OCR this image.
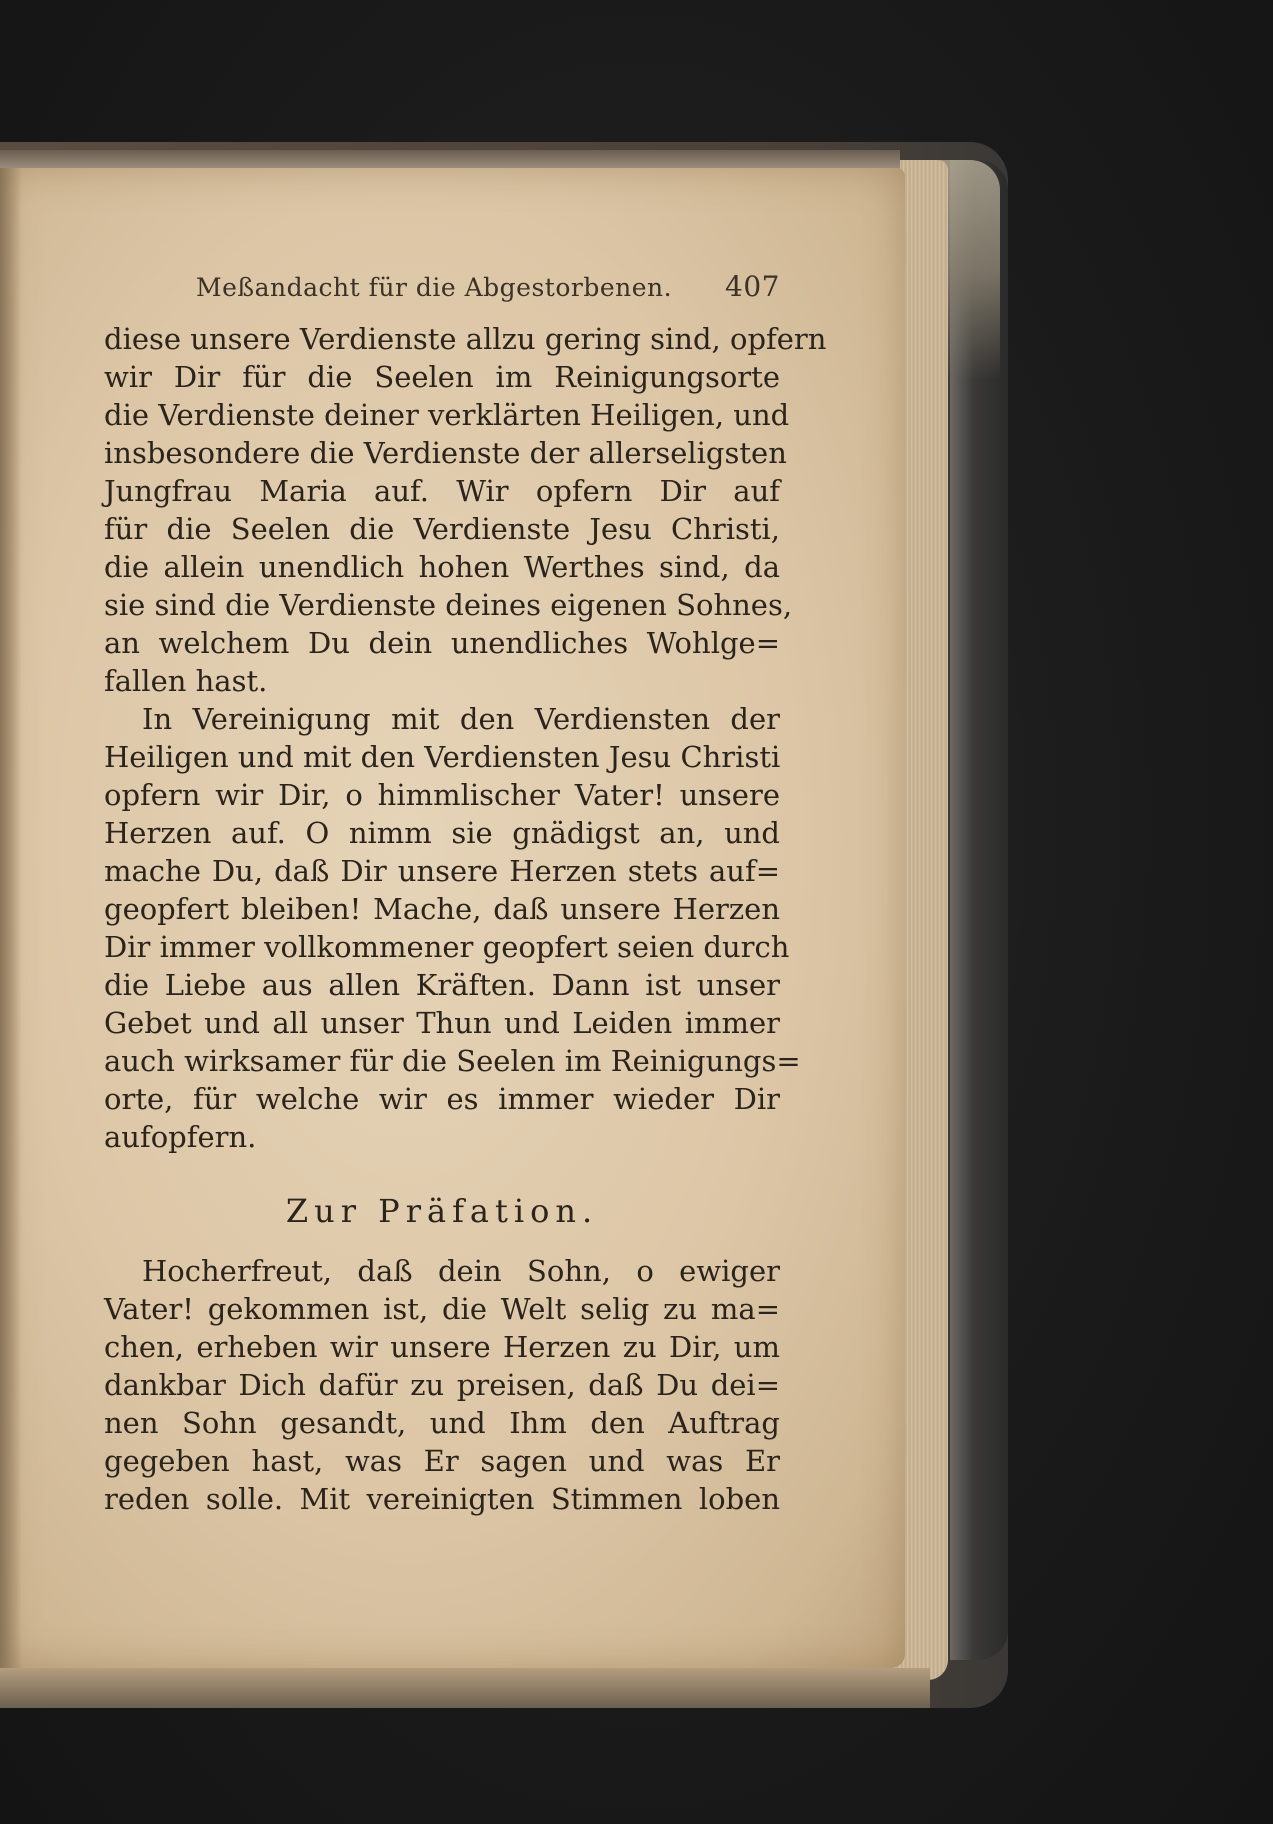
Meßandacht für die Abgestorbenen. 407
diese unsere Verdienste allzu gering sind, opfern
wir Dir für die Seelen im Reinigungsorte
die Verdienste deiner verklärten Heiligen, und
insbesondere die Verdienste der allerseligsten
Jungfrau Maria auf. Wir opfern Dir auf
für die Seelen die Verdienste Jesu Christi,
die allein unendlich hohen Werthes sind, da
sie sind die Verdienste deines eigenen Sohnes,
an welchem Du dein unendliches Wohlge=
fallen hast.
In Vereinigung mit den Verdiensten der
Heiligen und mit den Verdiensten Jesu Christi
opfern wir Dir, o himmlischer Vater! unsere
Herzen auf. O nimm sie gnädigst an, und
mache Du, daß Dir unsere Herzen stets auf=
geopfert bleiben! Mache, daß unsere Herzen
Dir immer vollkommener geopfert seien durch
die Liebe aus allen Kräften. Dann ist unser
Gebet und all unser Thun und Leiden immer
auch wirksamer für die Seelen im Reinigungs=
orte, für welche wir es immer wieder Dir
aufopfern.
Zur Präfation.
Hocherfreut, daß dein Sohn, o ewiger
Vater! gekommen ist, die Welt selig zu ma=
chen, erheben wir unsere Herzen zu Dir, um
dankbar Dich dafür zu preisen, daß Du dei=
nen Sohn gesandt, und Ihm den Auftrag
gegeben hast, was Er sagen und was Er
reden solle. Mit vereinigten Stimmen loben
